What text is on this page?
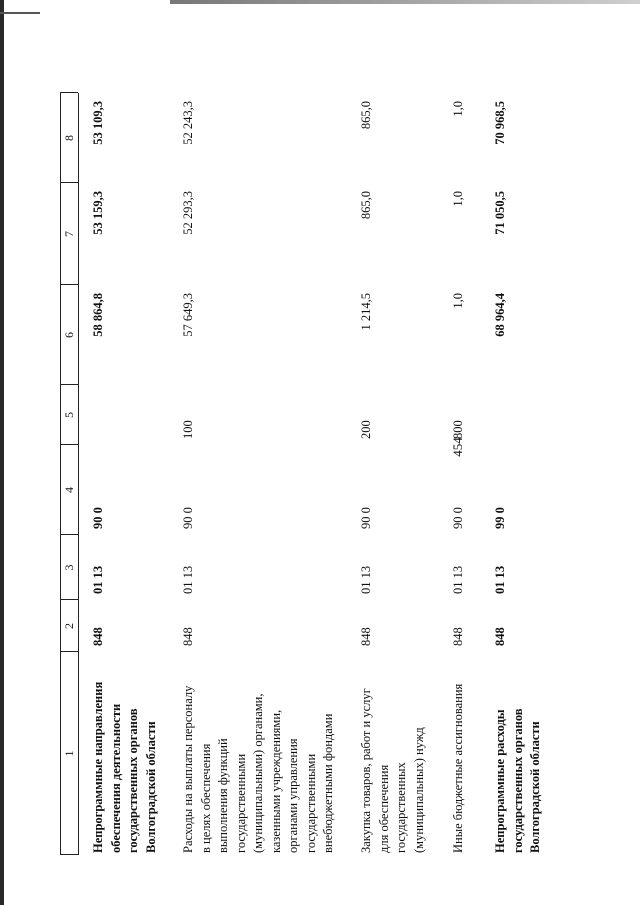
454
1
2
3
4
5
6
7
8
Непрограммные направления обеспечения деятельности государственных органов Волгоградской области
848
01 13
90 0
58 864,8
53 159,3
53 109,3
Расходы на выплаты персоналу в целях обеспечения выполнения функций государственными (муниципальными) органами, казенными учреждениями, органами управления государственными внебюджетными фондами
848
01 13
90 0
100
57 649,3
52 293,3
52 243,3
Закупка товаров, работ и услуг для обеспечения государственных (муниципальных) нужд
848
01 13
90 0
200
1 214,5
865,0
865,0
Иные бюджетные ассигнования
848
01 13
90 0
800
1,0
1,0
1,0
Непрограммные расходы государственных органов Волгоградской области
848
01 13
99 0
68 964,4
71 050,5
70 968,5
